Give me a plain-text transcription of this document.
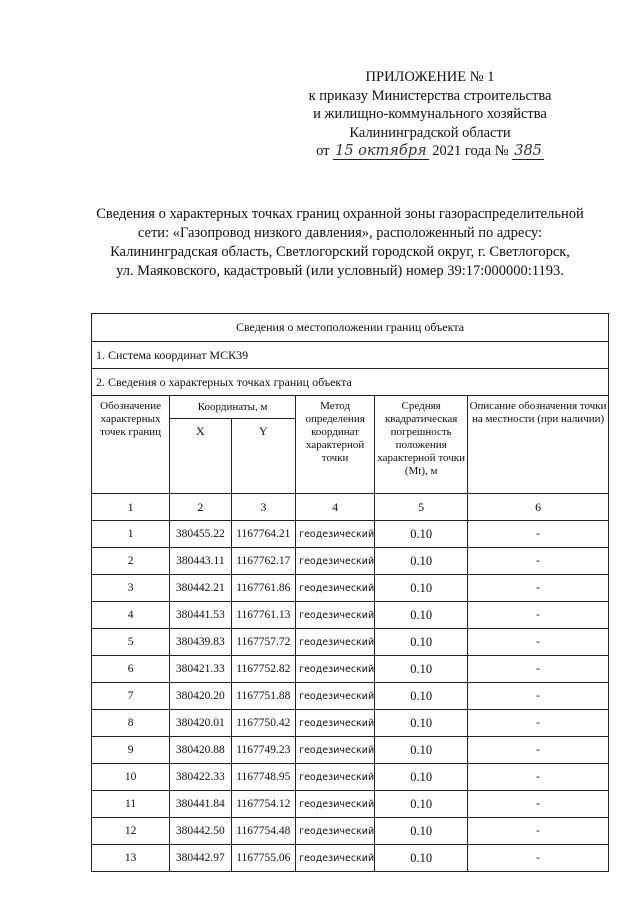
ПРИЛОЖЕНИЕ № 1
к приказу Министерства строительства
и жилищно-коммунального хозяйства
Калининградской области
от 15 октября 2021 года № 385
Сведения о характерных точках границ охранной зоны газораспределительной
сети: «Газопровод низкого давления», расположенный по адресу:
Калининградская область, Светлогорский городской округ, г. Светлогорск,
ул. Маяковского, кадастровый (или условный) номер 39:17:000000:1193.
Сведения о местоположении границ объекта					
1. Система координат МСК39					
2. Сведения о характерных точках границ объекта					
Обозначение характерных точек границ	Координаты, м		Метод определения координат характерной точки	Средняя квадратическая погрешность положения характерной точки (Mt), м	Описание обозначения точки на местности (при наличии)
	X	Y			
1	2	3	4	5	6
1	380455.22	1167764.21	геодезический	0.10	-
2	380443.11	1167762.17	геодезический	0.10	-
3	380442.21	1167761.86	геодезический	0.10	-
4	380441.53	1167761.13	геодезический	0.10	-
5	380439.83	1167757.72	геодезический	0.10	-
6	380421.33	1167752.82	геодезический	0.10	-
7	380420.20	1167751.88	геодезический	0.10	-
8	380420.01	1167750.42	геодезический	0.10	-
9	380420.88	1167749.23	геодезический	0.10	-
10	380422.33	1167748.95	геодезический	0.10	-
11	380441.84	1167754.12	геодезический	0.10	-
12	380442.50	1167754.48	геодезический	0.10	-
13	380442.97	1167755.06	геодезический	0.10	-
